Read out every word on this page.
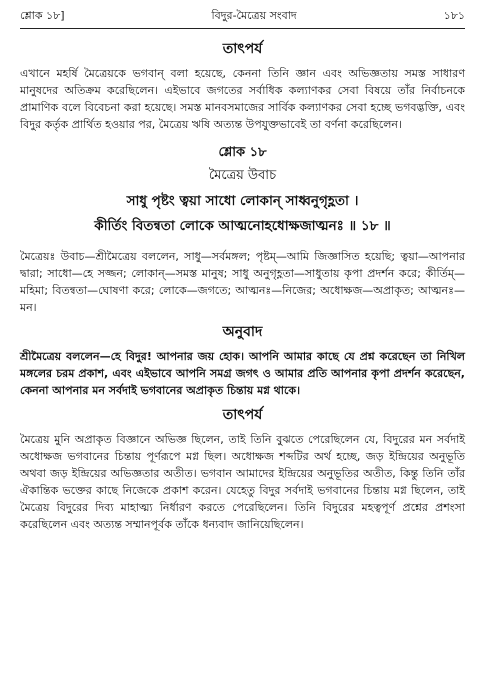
শ্লোক ১৮]	বিদুর-মৈত্রেয় সংবাদ	১৮১
তাৎপর্য

এখানে মহর্ষি মৈত্রেয়কে ভগবান্‌ বলা হয়েছে, কেননা তিনি জ্ঞান এবং অভিজ্ঞতায় সমস্ত সাধারণ মানুষদের অতিক্রম করেছিলেন। এইভাবে জগতের সর্বাধিক কল্যাণকর সেবা বিষয়ে তাঁর নির্বাচনকে প্রামাণিক বলে বিবেচনা করা হয়েছে। সমস্ত মানবসমাজের সার্বিক কল্যাণকর সেবা হচ্ছে ভগবদ্ভক্তি, এবং বিদুর কর্তৃক প্রার্থিত হওয়ার পর, মৈত্রেয় ঋষি অত্যন্ত উপযুক্তভাবেই তা বর্ণনা করেছিলেন।

শ্লোক ১৮
মৈত্রেয় উবাচ
সাধু পৃষ্টং ত্বয়া সাধো লোকান্ সাধ্বনুগৃহ্ণতা ।
কীর্তিং বিতন্বতা লোকে আত্মনোহধোক্ষজাত্মনঃ ॥ ১৮ ॥

মৈত্রেয়ঃ উবাচ—শ্রীমৈত্রেয় বললেন, সাধু—সর্বমঙ্গল; পৃষ্টম্—আমি জিজ্ঞাসিত হয়েছি; ত্বয়া—আপনার দ্বারা; সাধো—হে সজ্জন; লোকান্—সমস্ত মানুষ; সাধু অনুগৃহ্ণতা—সাধুতায় কৃপা প্রদর্শন করে; কীর্তিম্—মহিমা; বিতন্বতা—ঘোষণা করে; লোকে—জগতে; আত্মনঃ—নিজের; অধোক্ষজ—অপ্রাকৃত; আত্মনঃ—মন।

অনুবাদ

শ্রীমৈত্রেয় বললেন—হে বিদুর! আপনার জয় হোক। আপনি আমার কাছে যে প্রশ্ন করেছেন তা নিখিল মঙ্গলের চরম প্রকাশ, এবং এইভাবে আপনি সমগ্র জগৎ ও আমার প্রতি আপনার কৃপা প্রদর্শন করেছেন, কেননা আপনার মন সর্বদাই ভগবানের অপ্রাকৃত চিন্তায় মগ্ন থাকে।

তাৎপর্য

মৈত্রেয় মুনি অপ্রাকৃত বিজ্ঞানে অভিজ্ঞ ছিলেন, তাই তিনি বুঝতে পেরেছিলেন যে, বিদুরের মন সর্বদাই অধোক্ষজ ভগবানের চিন্তায় পূর্ণরূপে মগ্ন ছিল। অধোক্ষজ শব্দটির অর্থ হচ্ছে, জড় ইন্দ্রিয়ের অনুভূতি অথবা জড় ইন্দ্রিয়ের অভিজ্ঞতার অতীত। ভগবান আমাদের ইন্দ্রিয়ের অনুভূতির অতীত, কিন্তু তিনি তাঁর ঐকান্তিক ভক্তের কাছে নিজেকে প্রকাশ করেন। যেহেতু বিদুর সর্বদাই ভগবানের চিন্তায় মগ্ন ছিলেন, তাই মৈত্রেয় বিদুরের দিব্য মাহাত্ম্য নির্ধারণ করতে পেরেছিলেন। তিনি বিদুরের মহত্বপূর্ণ প্রশ্নের প্রশংসা করেছিলেন এবং অত্যন্ত সম্মানপূর্বক তাঁকে ধন্যবাদ জানিয়েছিলেন।
